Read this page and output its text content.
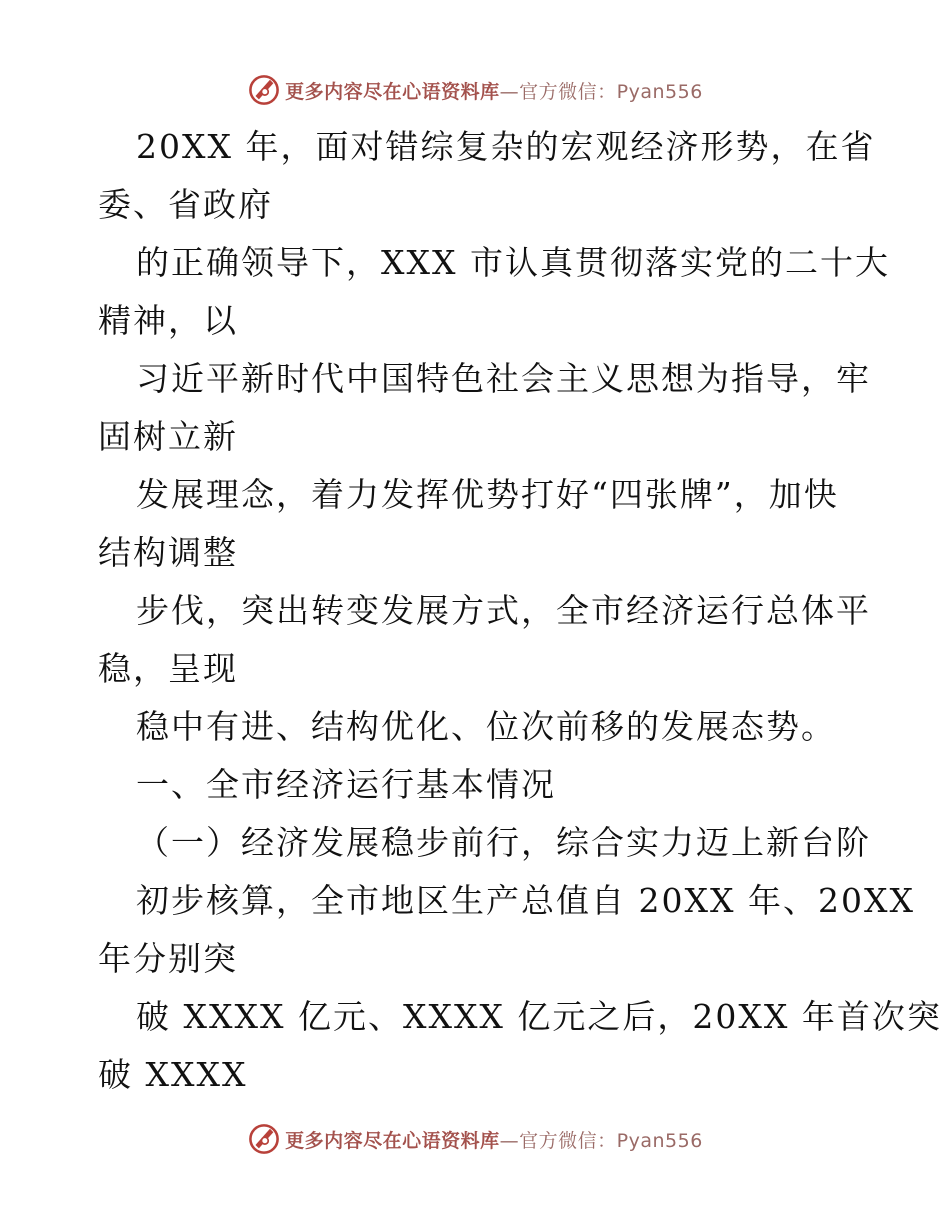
更多内容尽在心语资料库—官方微信：Pyan556
20XX 年，面对错综复杂的宏观经济形势，在省
委、省政府
的正确领导下，XXX 市认真贯彻落实党的二十大
精神，以
习近平新时代中国特色社会主义思想为指导，牢
固树立新
发展理念，着力发挥优势打好“四张牌”，加快
结构调整
步伐，突出转变发展方式，全市经济运行总体平
稳，呈现
稳中有进、结构优化、位次前移的发展态势。
一、全市经济运行基本情况
（一）经济发展稳步前行，综合实力迈上新台阶
初步核算，全市地区生产总值自 20XX 年、20XX
年分别突
破 XXXX 亿元、XXXX 亿元之后，20XX 年首次突
破 XXXX
更多内容尽在心语资料库—官方微信：Pyan556
